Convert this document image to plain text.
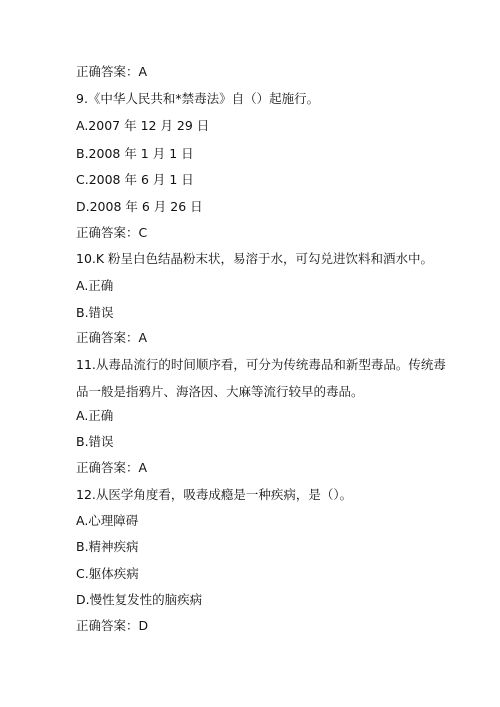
正确答案：A
9.《中华人民共和*禁毒法》自（）起施行。
A.2007 年 12 月 29 日
B.2008 年 1 月 1 日
C.2008 年 6 月 1 日
D.2008 年 6 月 26 日
正确答案：C
10.K 粉呈白色结晶粉末状，易溶于水，可勾兑进饮料和酒水中。
A.正确
B.错误
正确答案：A
11.从毒品流行的时间顺序看，可分为传统毒品和新型毒品。传统毒
品一般是指鸦片、海洛因、大麻等流行较早的毒品。
A.正确
B.错误
正确答案：A
12.从医学角度看，吸毒成瘾是一种疾病，是（）。
A.心理障碍
B.精神疾病
C.躯体疾病
D.慢性复发性的脑疾病
正确答案：D
